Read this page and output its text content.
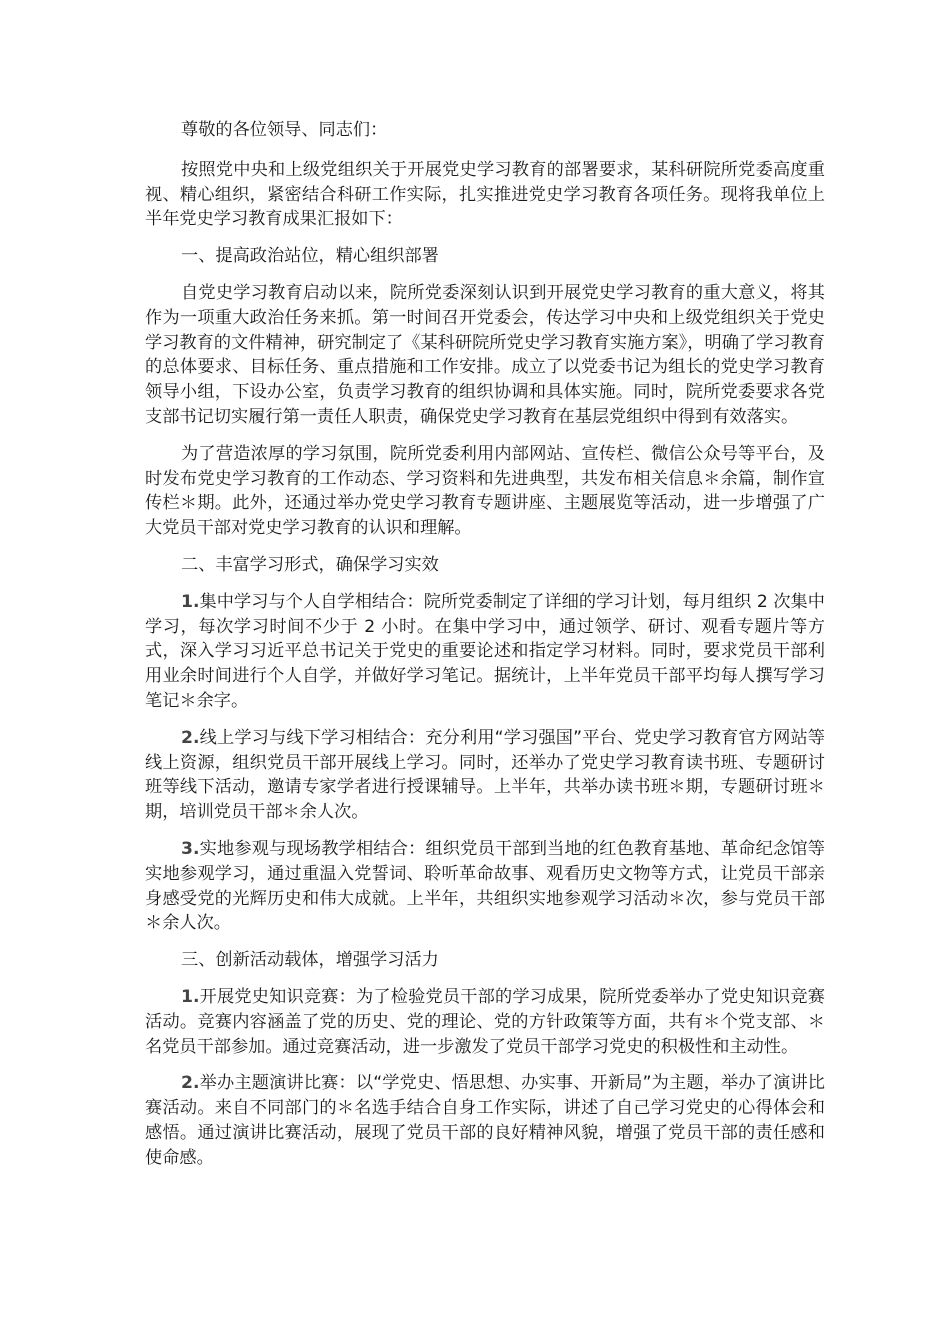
尊敬的各位领导、同志们：

按照党中央和上级党组织关于开展党史学习教育的部署要求，某科研院所党委高度重视、精心组织，紧密结合科研工作实际，扎实推进党史学习教育各项任务。现将我单位上半年党史学习教育成果汇报如下：

一、提高政治站位，精心组织部署

自党史学习教育启动以来，院所党委深刻认识到开展党史学习教育的重大意义，将其作为一项重大政治任务来抓。第一时间召开党委会，传达学习中央和上级党组织关于党史学习教育的文件精神，研究制定了《某科研院所党史学习教育实施方案》，明确了学习教育的总体要求、目标任务、重点措施和工作安排。成立了以党委书记为组长的党史学习教育领导小组，下设办公室，负责学习教育的组织协调和具体实施。同时，院所党委要求各党支部书记切实履行第一责任人职责，确保党史学习教育在基层党组织中得到有效落实。

为了营造浓厚的学习氛围，院所党委利用内部网站、宣传栏、微信公众号等平台，及时发布党史学习教育的工作动态、学习资料和先进典型，共发布相关信息＊余篇，制作宣传栏＊期。此外，还通过举办党史学习教育专题讲座、主题展览等活动，进一步增强了广大党员干部对党史学习教育的认识和理解。

二、丰富学习形式，确保学习实效

1.集中学习与个人自学相结合：院所党委制定了详细的学习计划，每月组织 2 次集中学习，每次学习时间不少于 2 小时。在集中学习中，通过领学、研讨、观看专题片等方式，深入学习习近平总书记关于党史的重要论述和指定学习材料。同时，要求党员干部利用业余时间进行个人自学，并做好学习笔记。据统计，上半年党员干部平均每人撰写学习笔记＊余字。

2.线上学习与线下学习相结合：充分利用“学习强国”平台、党史学习教育官方网站等线上资源，组织党员干部开展线上学习。同时，还举办了党史学习教育读书班、专题研讨班等线下活动，邀请专家学者进行授课辅导。上半年，共举办读书班＊期，专题研讨班＊期，培训党员干部＊余人次。

3.实地参观与现场教学相结合：组织党员干部到当地的红色教育基地、革命纪念馆等实地参观学习，通过重温入党誓词、聆听革命故事、观看历史文物等方式，让党员干部亲身感受党的光辉历史和伟大成就。上半年，共组织实地参观学习活动＊次，参与党员干部＊余人次。

三、创新活动载体，增强学习活力

1.开展党史知识竞赛：为了检验党员干部的学习成果，院所党委举办了党史知识竞赛活动。竞赛内容涵盖了党的历史、党的理论、党的方针政策等方面，共有＊个党支部、＊名党员干部参加。通过竞赛活动，进一步激发了党员干部学习党史的积极性和主动性。

2.举办主题演讲比赛：以“学党史、悟思想、办实事、开新局”为主题，举办了演讲比赛活动。来自不同部门的＊名选手结合自身工作实际，讲述了自己学习党史的心得体会和感悟。通过演讲比赛活动，展现了党员干部的良好精神风貌，增强了党员干部的责任感和使命感。
